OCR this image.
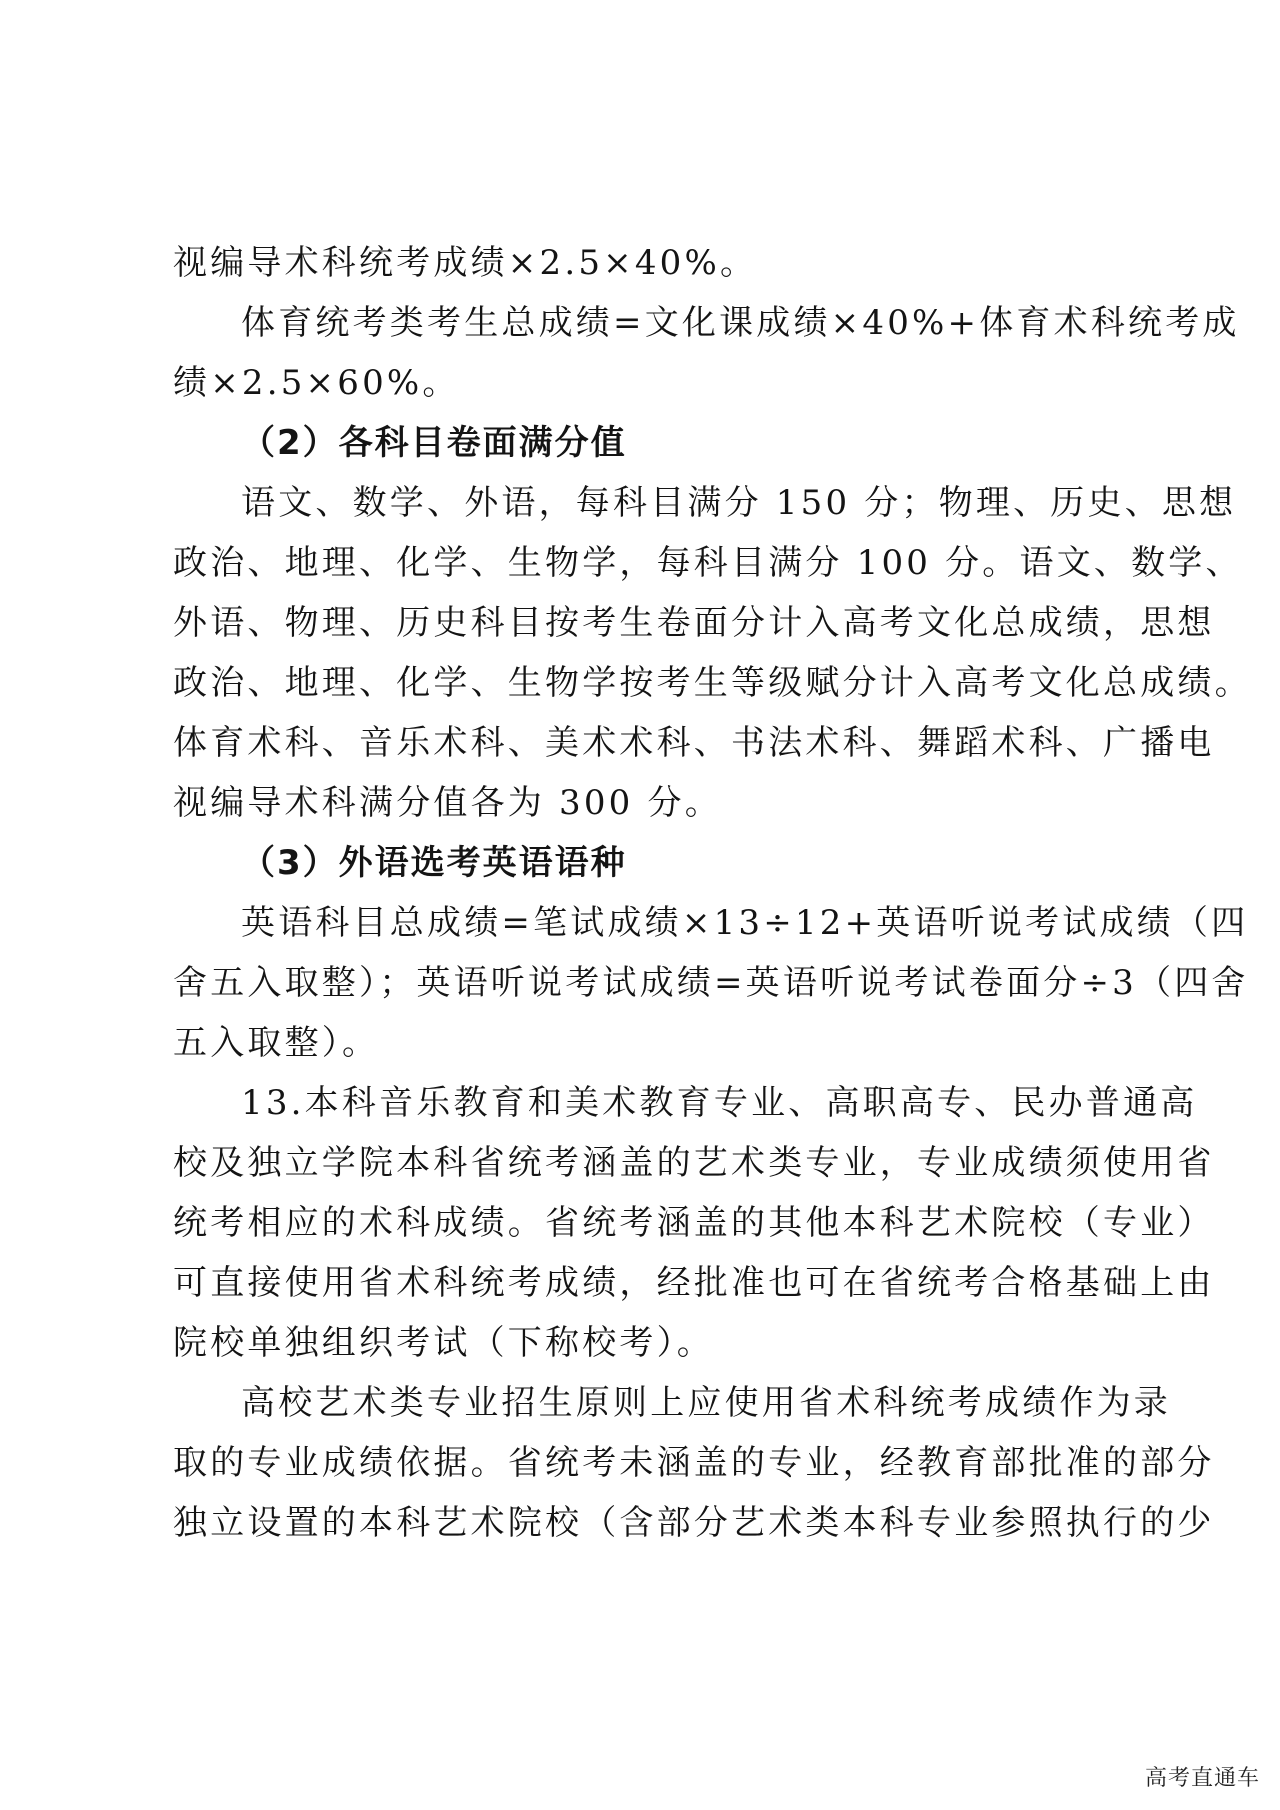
视编导术科统考成绩×2.5×40%。
体育统考类考生总成绩=文化课成绩×40%+体育术科统考成
绩×2.5×60%。
（2）各科目卷面满分值
语文、数学、外语，每科目满分 150 分；物理、历史、思想
政治、地理、化学、生物学，每科目满分 100 分。语文、数学、
外语、物理、历史科目按考生卷面分计入高考文化总成绩，思想
政治、地理、化学、生物学按考生等级赋分计入高考文化总成绩。
体育术科、音乐术科、美术术科、书法术科、舞蹈术科、广播电
视编导术科满分值各为 300 分。
（3）外语选考英语语种
英语科目总成绩=笔试成绩×13÷12+英语听说考试成绩（四
舍五入取整）；英语听说考试成绩=英语听说考试卷面分÷3（四舍
五入取整）。
13.本科音乐教育和美术教育专业、高职高专、民办普通高
校及独立学院本科省统考涵盖的艺术类专业，专业成绩须使用省
统考相应的术科成绩。省统考涵盖的其他本科艺术院校（专业）
可直接使用省术科统考成绩，经批准也可在省统考合格基础上由
院校单独组织考试（下称校考）。
高校艺术类专业招生原则上应使用省术科统考成绩作为录
取的专业成绩依据。省统考未涵盖的专业，经教育部批准的部分
独立设置的本科艺术院校（含部分艺术类本科专业参照执行的少
高考直通车
